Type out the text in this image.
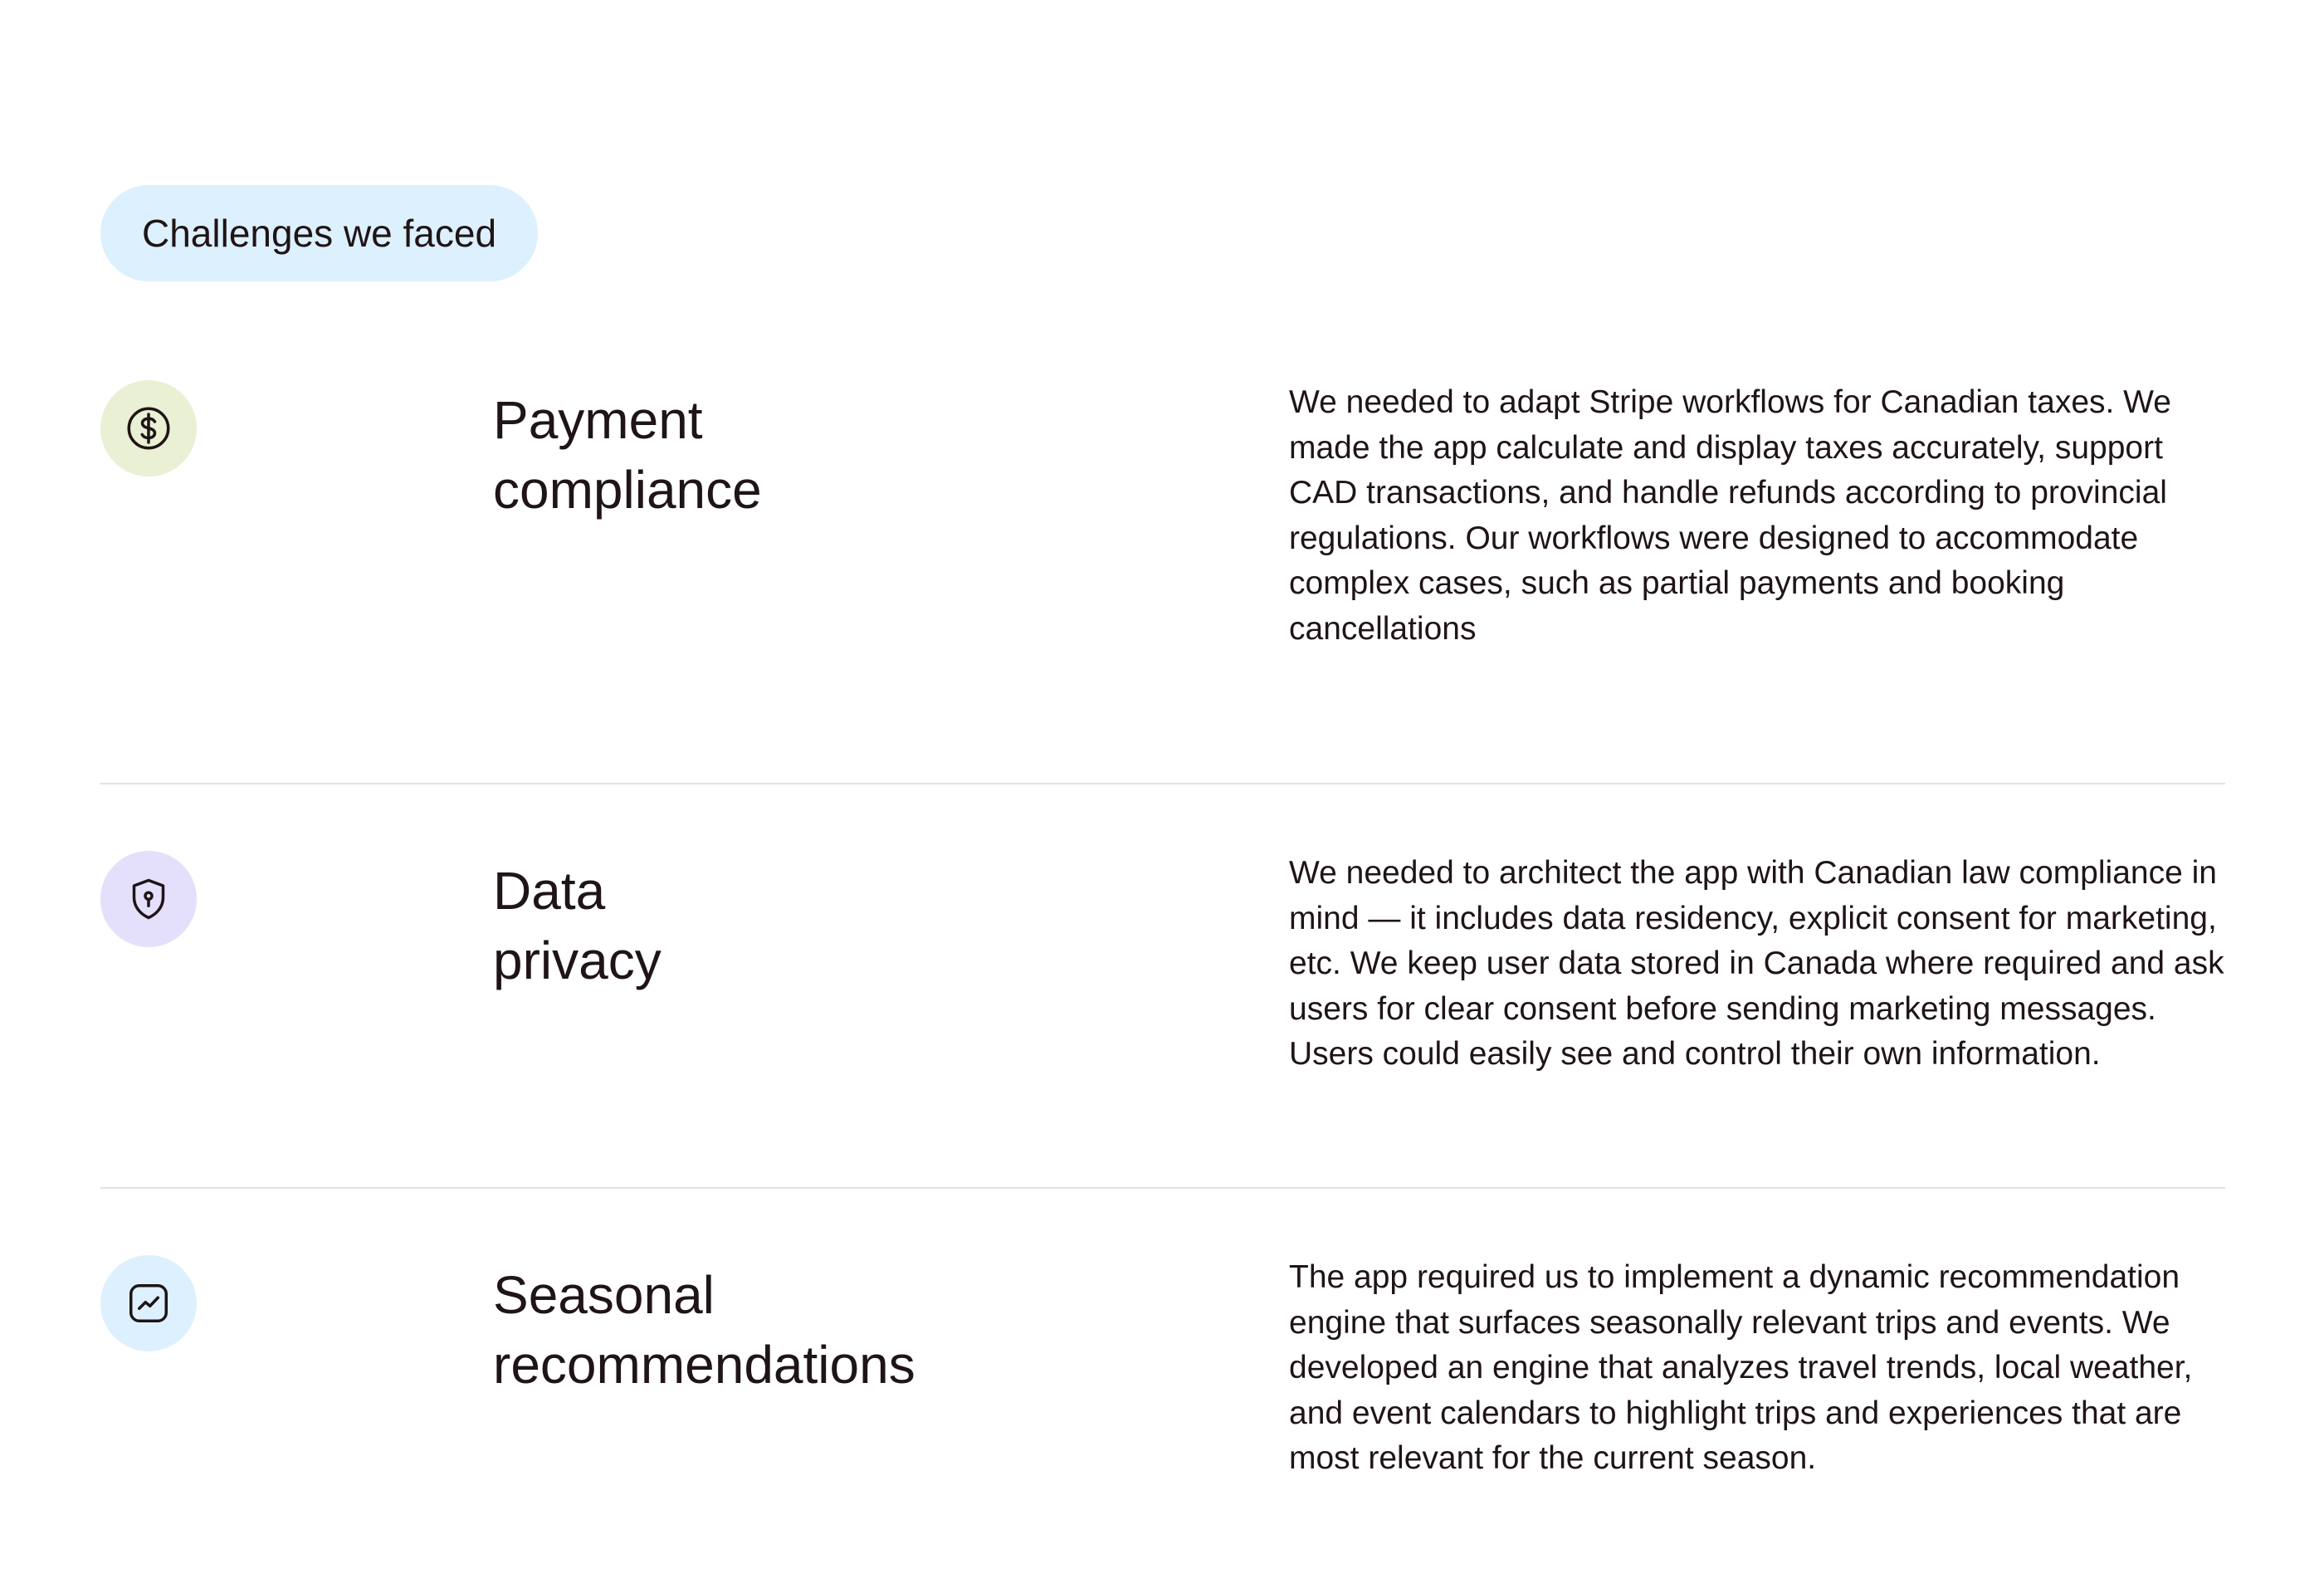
Challenges we faced
Payment
compliance
We needed to adapt Stripe workflows for Canadian taxes. We made the app calculate and display taxes accurately, support CAD transactions, and handle refunds according to provincial regulations. Our workflows were designed to accommodate complex cases, such as partial payments and booking cancellations
Data
privacy
We needed to architect the app with Canadian law compliance in mind — it includes data residency, explicit consent for marketing, etc. We keep user data stored in Canada where required and ask users for clear consent before sending marketing messages. Users could easily see and control their own information.
Seasonal
recommendations
The app required us to implement a dynamic recommendation engine that surfaces seasonally relevant trips and events. We developed an engine that analyzes travel trends, local weather, and event calendars to highlight trips and experiences that are most relevant for the current season.
